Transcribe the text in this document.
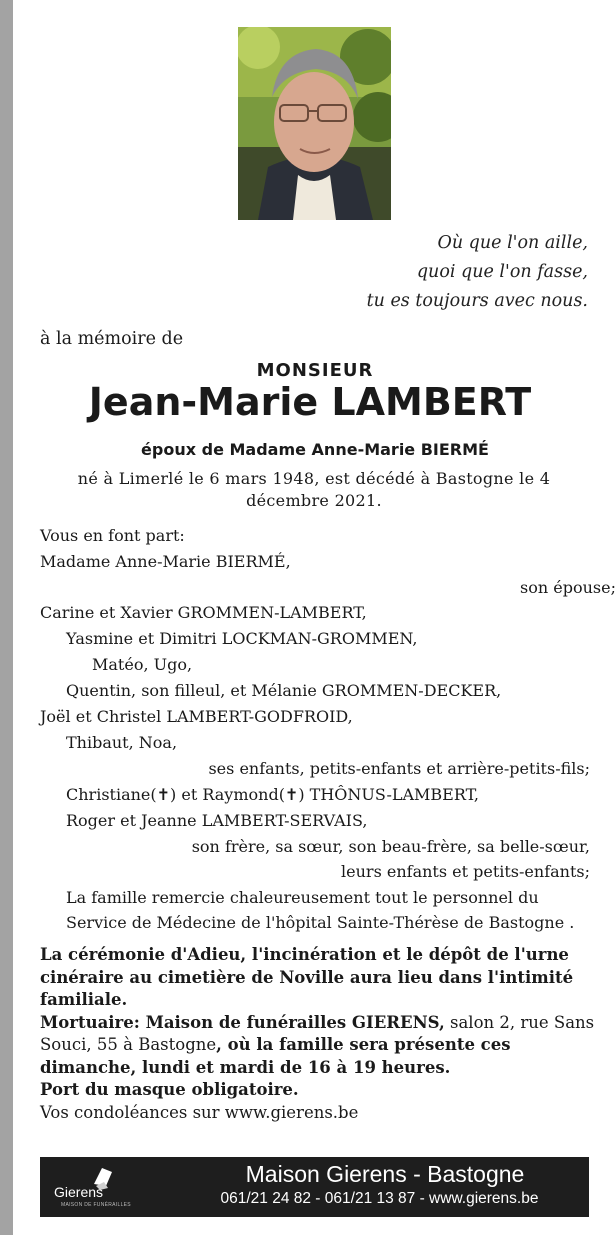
Où que l'on aille,
quoi que l'on fasse,
tu es toujours avec nous.
à la mémoire de
MONSIEUR
Jean-Marie LAMBERT
époux de Madame Anne-Marie BIERMÉ
né à Limerlé le 6 mars 1948, est décédé à Bastogne le 4 décembre 2021.
Vous en font part:
Madame Anne-Marie BIERMÉ,
son épouse;
Carine et Xavier GROMMEN-LAMBERT,
Yasmine et Dimitri LOCKMAN-GROMMEN,
Matéo, Ugo,
Quentin, son filleul, et Mélanie GROMMEN-DECKER,
Joël et Christel LAMBERT-GODFROID,
Thibaut, Noa,
ses enfants, petits-enfants et arrière-petits-fils;
Christiane(✝) et Raymond(✝) THÔNUS-LAMBERT,
Roger et Jeanne LAMBERT-SERVAIS,
son frère, sa sœur, son beau-frère, sa belle-sœur,
leurs enfants et petits-enfants;
La famille remercie chaleureusement tout le personnel du
Service de Médecine de l'hôpital Sainte-Thérèse de Bastogne .
La cérémonie d'Adieu, l'incinération et le dépôt de l'urne cinéraire au cimetière de Noville aura lieu dans l'intimité familiale.
Mortuaire: Maison de funérailles GIERENS, salon 2, rue Sans Souci, 55 à Bastogne, où la famille sera présente ces dimanche, lundi et mardi de 16 à 19 heures.
Port du masque obligatoire.
Vos condoléances sur www.gierens.be
Gierens
MAISON DE FUNÉRAILLES
Maison Gierens - Bastogne
061/21 24 82 - 061/21 13 87 - www.gierens.be
